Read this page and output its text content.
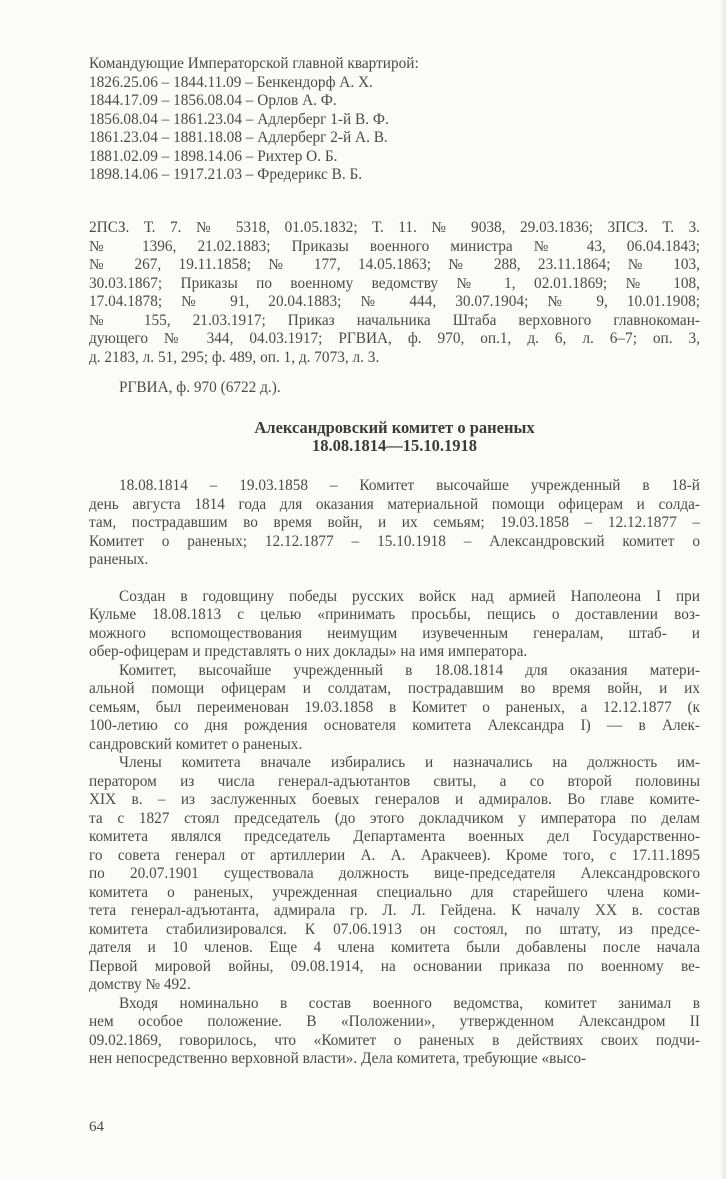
Командующие Императорской главной квартирой:
1826.25.06 – 1844.11.09 – Бенкендорф А. Х.
1844.17.09 – 1856.08.04 – Орлов А. Ф.
1856.08.04 – 1861.23.04 – Адлерберг 1-й В. Ф.
1861.23.04 – 1881.18.08 – Адлерберг 2-й А. В.
1881.02.09 – 1898.14.06 – Рихтер О. Б.
1898.14.06 – 1917.21.03 – Фредерикс В. Б.
2ПСЗ. Т. 7. № 5318, 01.05.1832; Т. 11. № 9038, 29.03.1836; 3ПСЗ. Т. 3.
№ 1396, 21.02.1883; Приказы военного министра № 43, 06.04.1843;
№ 267, 19.11.1858; № 177, 14.05.1863; № 288, 23.11.1864; № 103,
30.03.1867; Приказы по военному ведомству № 1, 02.01.1869; № 108,
17.04.1878; № 91, 20.04.1883; № 444, 30.07.1904; № 9, 10.01.1908;
№ 155, 21.03.1917; Приказ начальника Штаба верховного главнокоман-
дующего № 344, 04.03.1917; РГВИА, ф. 970, оп.1, д. 6, л. 6–7; оп. 3,
д. 2183, л. 51, 295; ф. 489, оп. 1, д. 7073, л. 3.
РГВИА, ф. 970 (6722 д.).
Александровский комитет о раненых
18.08.1814—15.10.1918
18.08.1814 – 19.03.1858 – Комитет высочайше учрежденный в 18-й
день августа 1814 года для оказания материальной помощи офицерам и солда-
там, пострадавшим во время войн, и их семьям; 19.03.1858 – 12.12.1877 –
Комитет о раненых; 12.12.1877 – 15.10.1918 – Александровский комитет о
раненых.
Создан в годовщину победы русских войск над армией Наполеона I при
Кульме 18.08.1813 с целью «принимать просьбы, пещись о доставлении воз-
можного вспомоществования неимущим изувеченным генералам, штаб- и
обер-офицерам и представлять о них доклады» на имя императора.
Комитет, высочайше учрежденный в 18.08.1814 для оказания матери-
альной помощи офицерам и солдатам, пострадавшим во время войн, и их
семьям, был переименован 19.03.1858 в Комитет о раненых, а 12.12.1877 (к
100-летию со дня рождения основателя комитета Александра I) — в Алек-
сандровский комитет о раненых.
Члены комитета вначале избирались и назначались на должность им-
ператором из числа генерал-адъютантов свиты, а со второй половины
XIX в. – из заслуженных боевых генералов и адмиралов. Во главе комите-
та с 1827 стоял председатель (до этого докладчиком у императора по делам
комитета являлся председатель Департамента военных дел Государственно-
го совета генерал от артиллерии А. А. Аракчеев). Кроме того, с 17.11.1895
по 20.07.1901 существовала должность вице-председателя Александровского
комитета о раненых, учрежденная специально для старейшего члена коми-
тета генерал-адъютанта, адмирала гр. Л. Л. Гейдена. К началу XX в. состав
комитета стабилизировался. К 07.06.1913 он состоял, по штату, из предсе-
дателя и 10 членов. Еще 4 члена комитета были добавлены после начала
Первой мировой войны, 09.08.1914, на основании приказа по военному ве-
домству № 492.
Входя номинально в состав военного ведомства, комитет занимал в
нем особое положение. В «Положении», утвержденном Александром II
09.02.1869, говорилось, что «Комитет о раненых в действиях своих подчи-
нен непосредственно верховной власти». Дела комитета, требующие «высо-
64
